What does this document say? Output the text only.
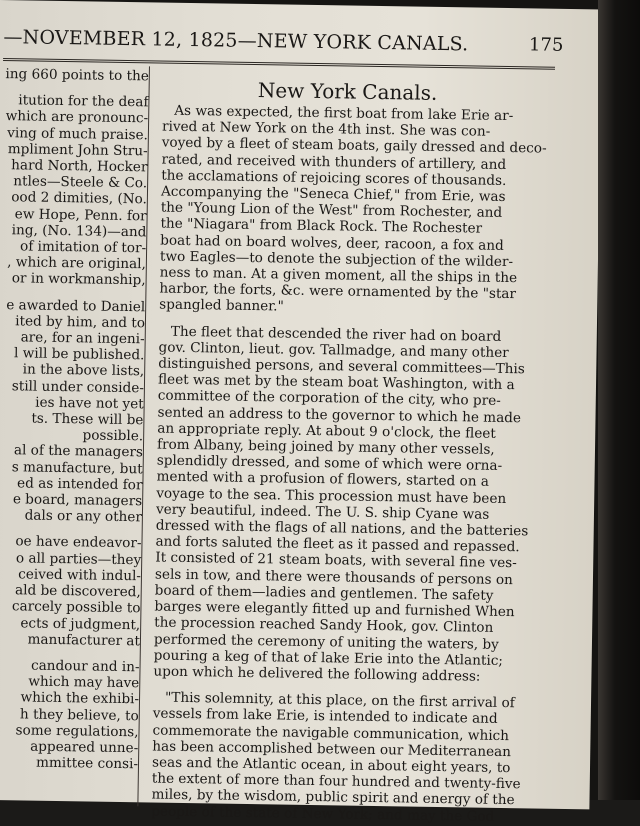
—NOVEMBER 12, 1825—NEW YORK CANALS.	175
ing 660 points to the
itution for the deaf
which are pronounc-
ving of much praise.
mpliment John Stru-
hard North, Hocker
ntles—Steele & Co.
ood 2 dimities, (No.
ew Hope, Penn. for
ing, (No. 134)—and
of imitation of tor-
, which are original,
or in workmanship,
e awarded to Daniel
ited by him, and to
are, for an ingeni-
l will be published.
in the above lists,
still under conside-
ies have not yet
ts. These will be
possible.
al of the managers
s manufacture, but
ed as intended for
e board, managers
dals or any other
oe have endeavor-
o all parties—they
ceived with indul-
ald be discovered,
carcely possible to
ects of judgment,
manufacturer at
candour and in-
which may have
which the exhibi-
h they believe, to
some regulations,
appeared unne-
mmittee consi-
New York Canals.
As was expected, the first boat from lake Erie ar-
rived at New York on the 4th inst. She was con-
voyed by a fleet of steam boats, gaily dressed and deco-
rated, and received with thunders of artillery, and
the acclamations of rejoicing scores of thousands.
Accompanying the "Seneca Chief," from Erie, was
the "Young Lion of the West" from Rochester, and
the "Niagara" from Black Rock. The Rochester
boat had on board wolves, deer, racoon, a fox and
two Eagles—to denote the subjection of the wilder-
ness to man. At a given moment, all the ships in the
harbor, the forts, &c. were ornamented by the "star
spangled banner."
The fleet that descended the river had on board
gov. Clinton, lieut. gov. Tallmadge, and many other
distinguished persons, and several committees—This
fleet was met by the steam boat Washington, with a
committee of the corporation of the city, who pre-
sented an address to the governor to which he made
an appropriate reply. At about 9 o'clock, the fleet
from Albany, being joined by many other vessels,
splendidly dressed, and some of which were orna-
mented with a profusion of flowers, started on a
voyage to the sea. This procession must have been
very beautiful, indeed. The U. S. ship Cyane was
dressed with the flags of all nations, and the batteries
and forts saluted the fleet as it passed and repassed.
It consisted of 21 steam boats, with several fine ves-
sels in tow, and there were thousands of persons on
board of them—ladies and gentlemen. The safety
barges were elegantly fitted up and furnished When
the procession reached Sandy Hook, gov. Clinton
performed the ceremony of uniting the waters, by
pouring a keg of that of lake Erie into the Atlantic;
upon which he delivered the following address:
"This solemnity, at this place, on the first arrival of
vessels from lake Erie, is intended to indicate and
commemorate the navigable communication, which
has been accomplished between our Mediterranean
seas and the Atlantic ocean, in about eight years, to
the extent of more than four hundred and twenty-five
miles, by the wisdom, public spirit and energy of the
people of the state of New York; and may the God
